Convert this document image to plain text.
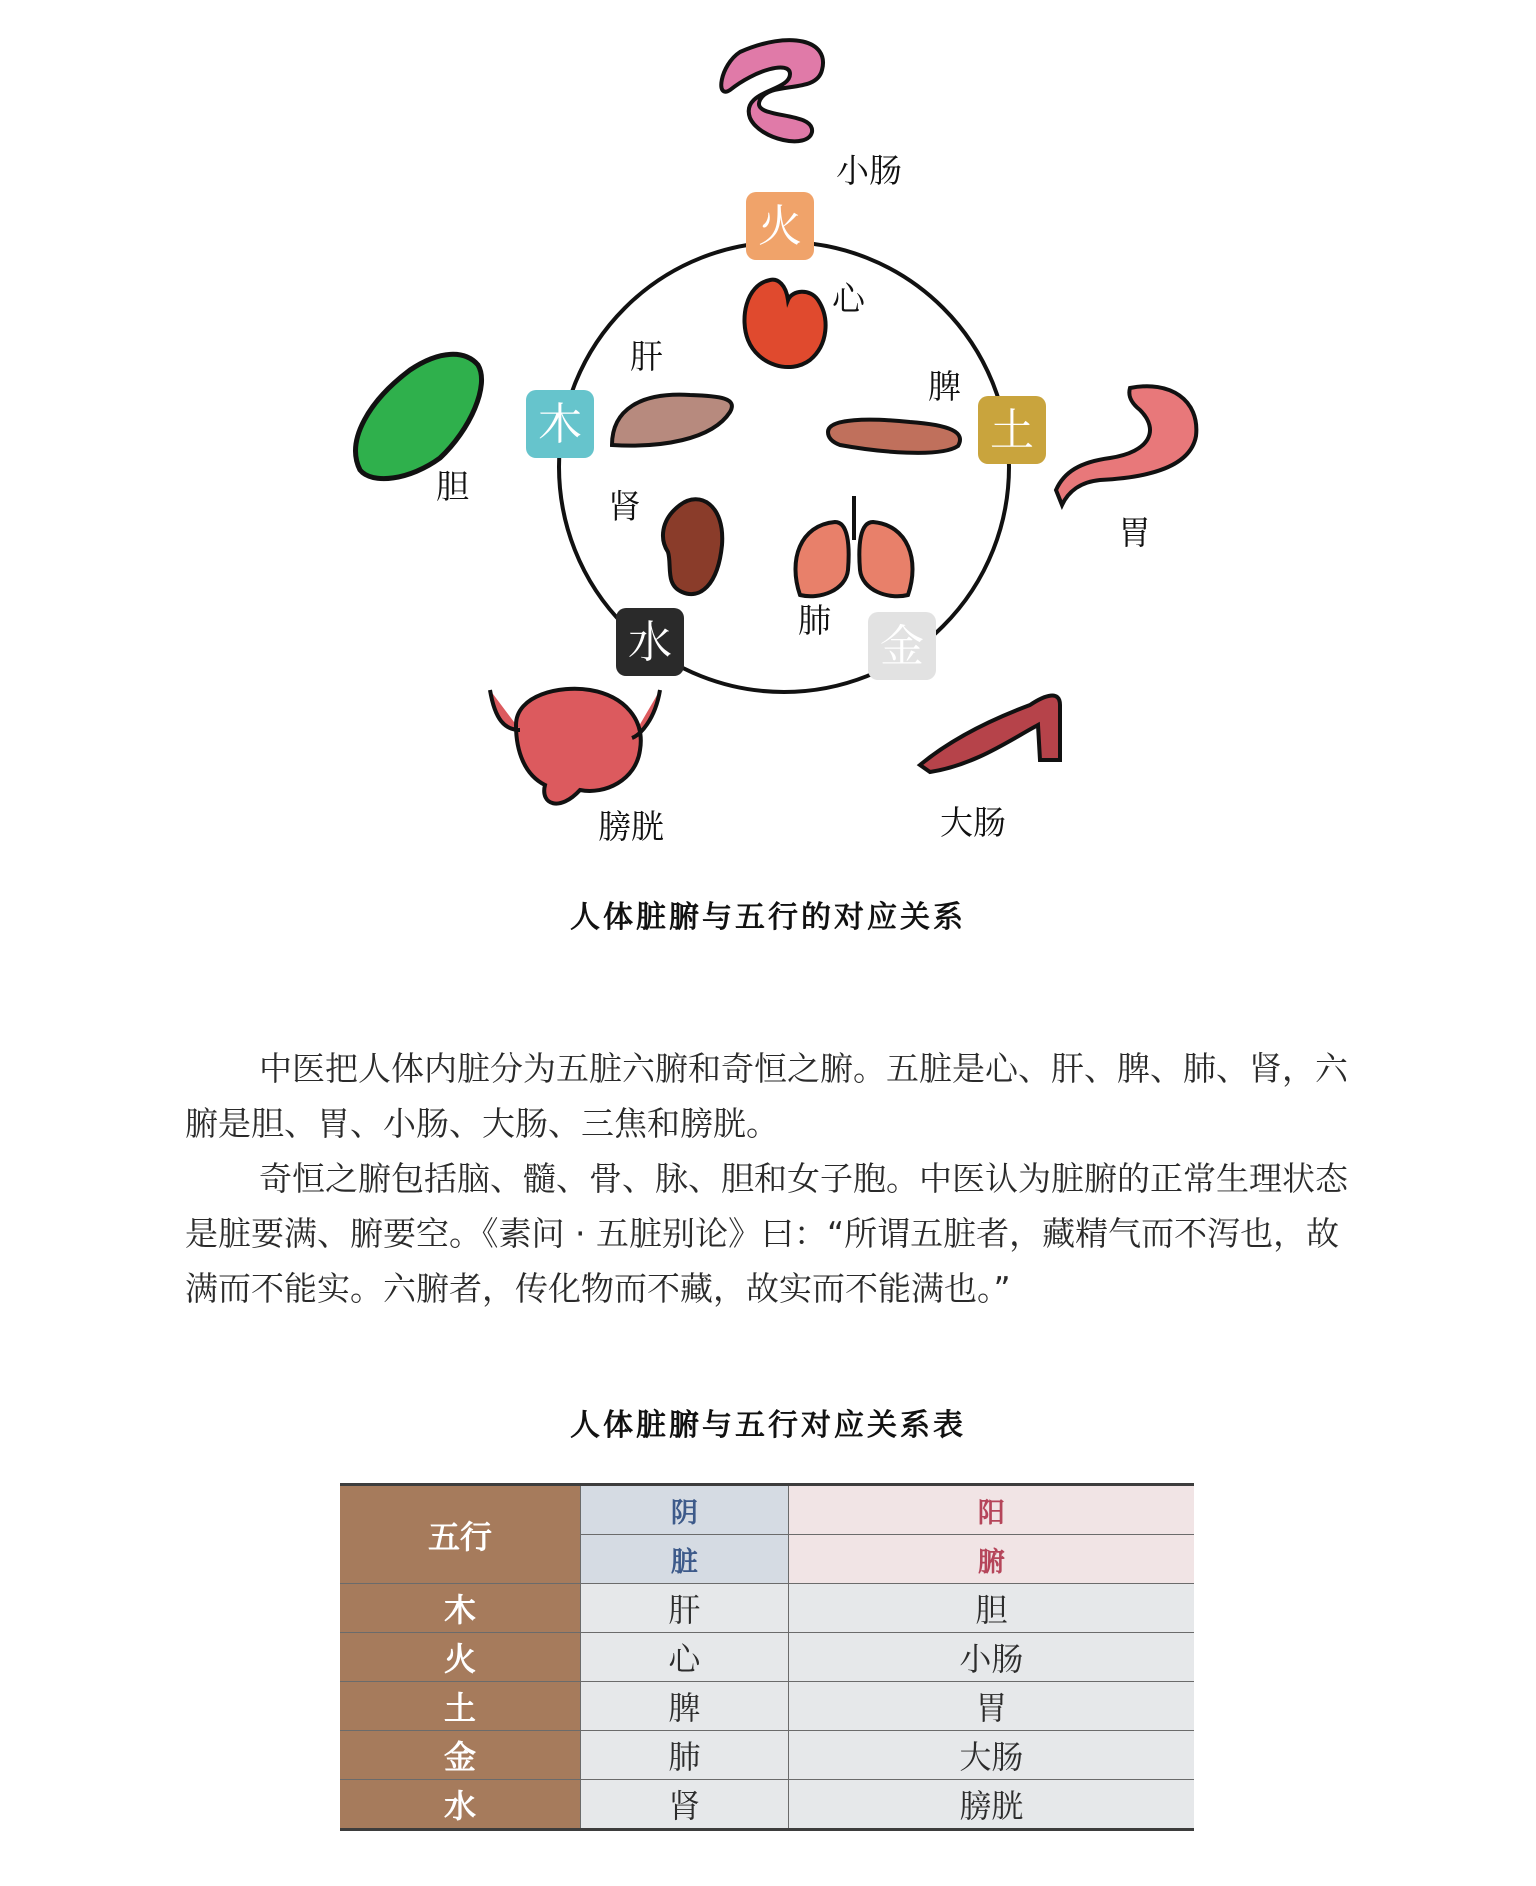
火
木	土
金
水
小肠
心
肝
脾
胆
胃
肾
肺
膀胱	大肠
人体脏腑与五行的对应关系

中医把人体内脏分为五脏六腑和奇恒之腑。五脏是心、肝、脾、肺、肾，六腑是胆、胃、小肠、大肠、三焦和膀胱。

奇恒之腑包括脑、髓、骨、脉、胆和女子胞。中医认为脏腑的正常生理状态是脏要满、腑要空。《素问 · 五脏别论》曰：“所谓五脏者，藏精气而不泻也，故满而不能实。六腑者，传化物而不藏，故实而不能满也。”

人体脏腑与五行对应关系表
五行	阴	阳
	脏	腑
木	肝	胆
火	心	小肠
土	脾	胃
金	肺	大肠
水	肾	膀胱
